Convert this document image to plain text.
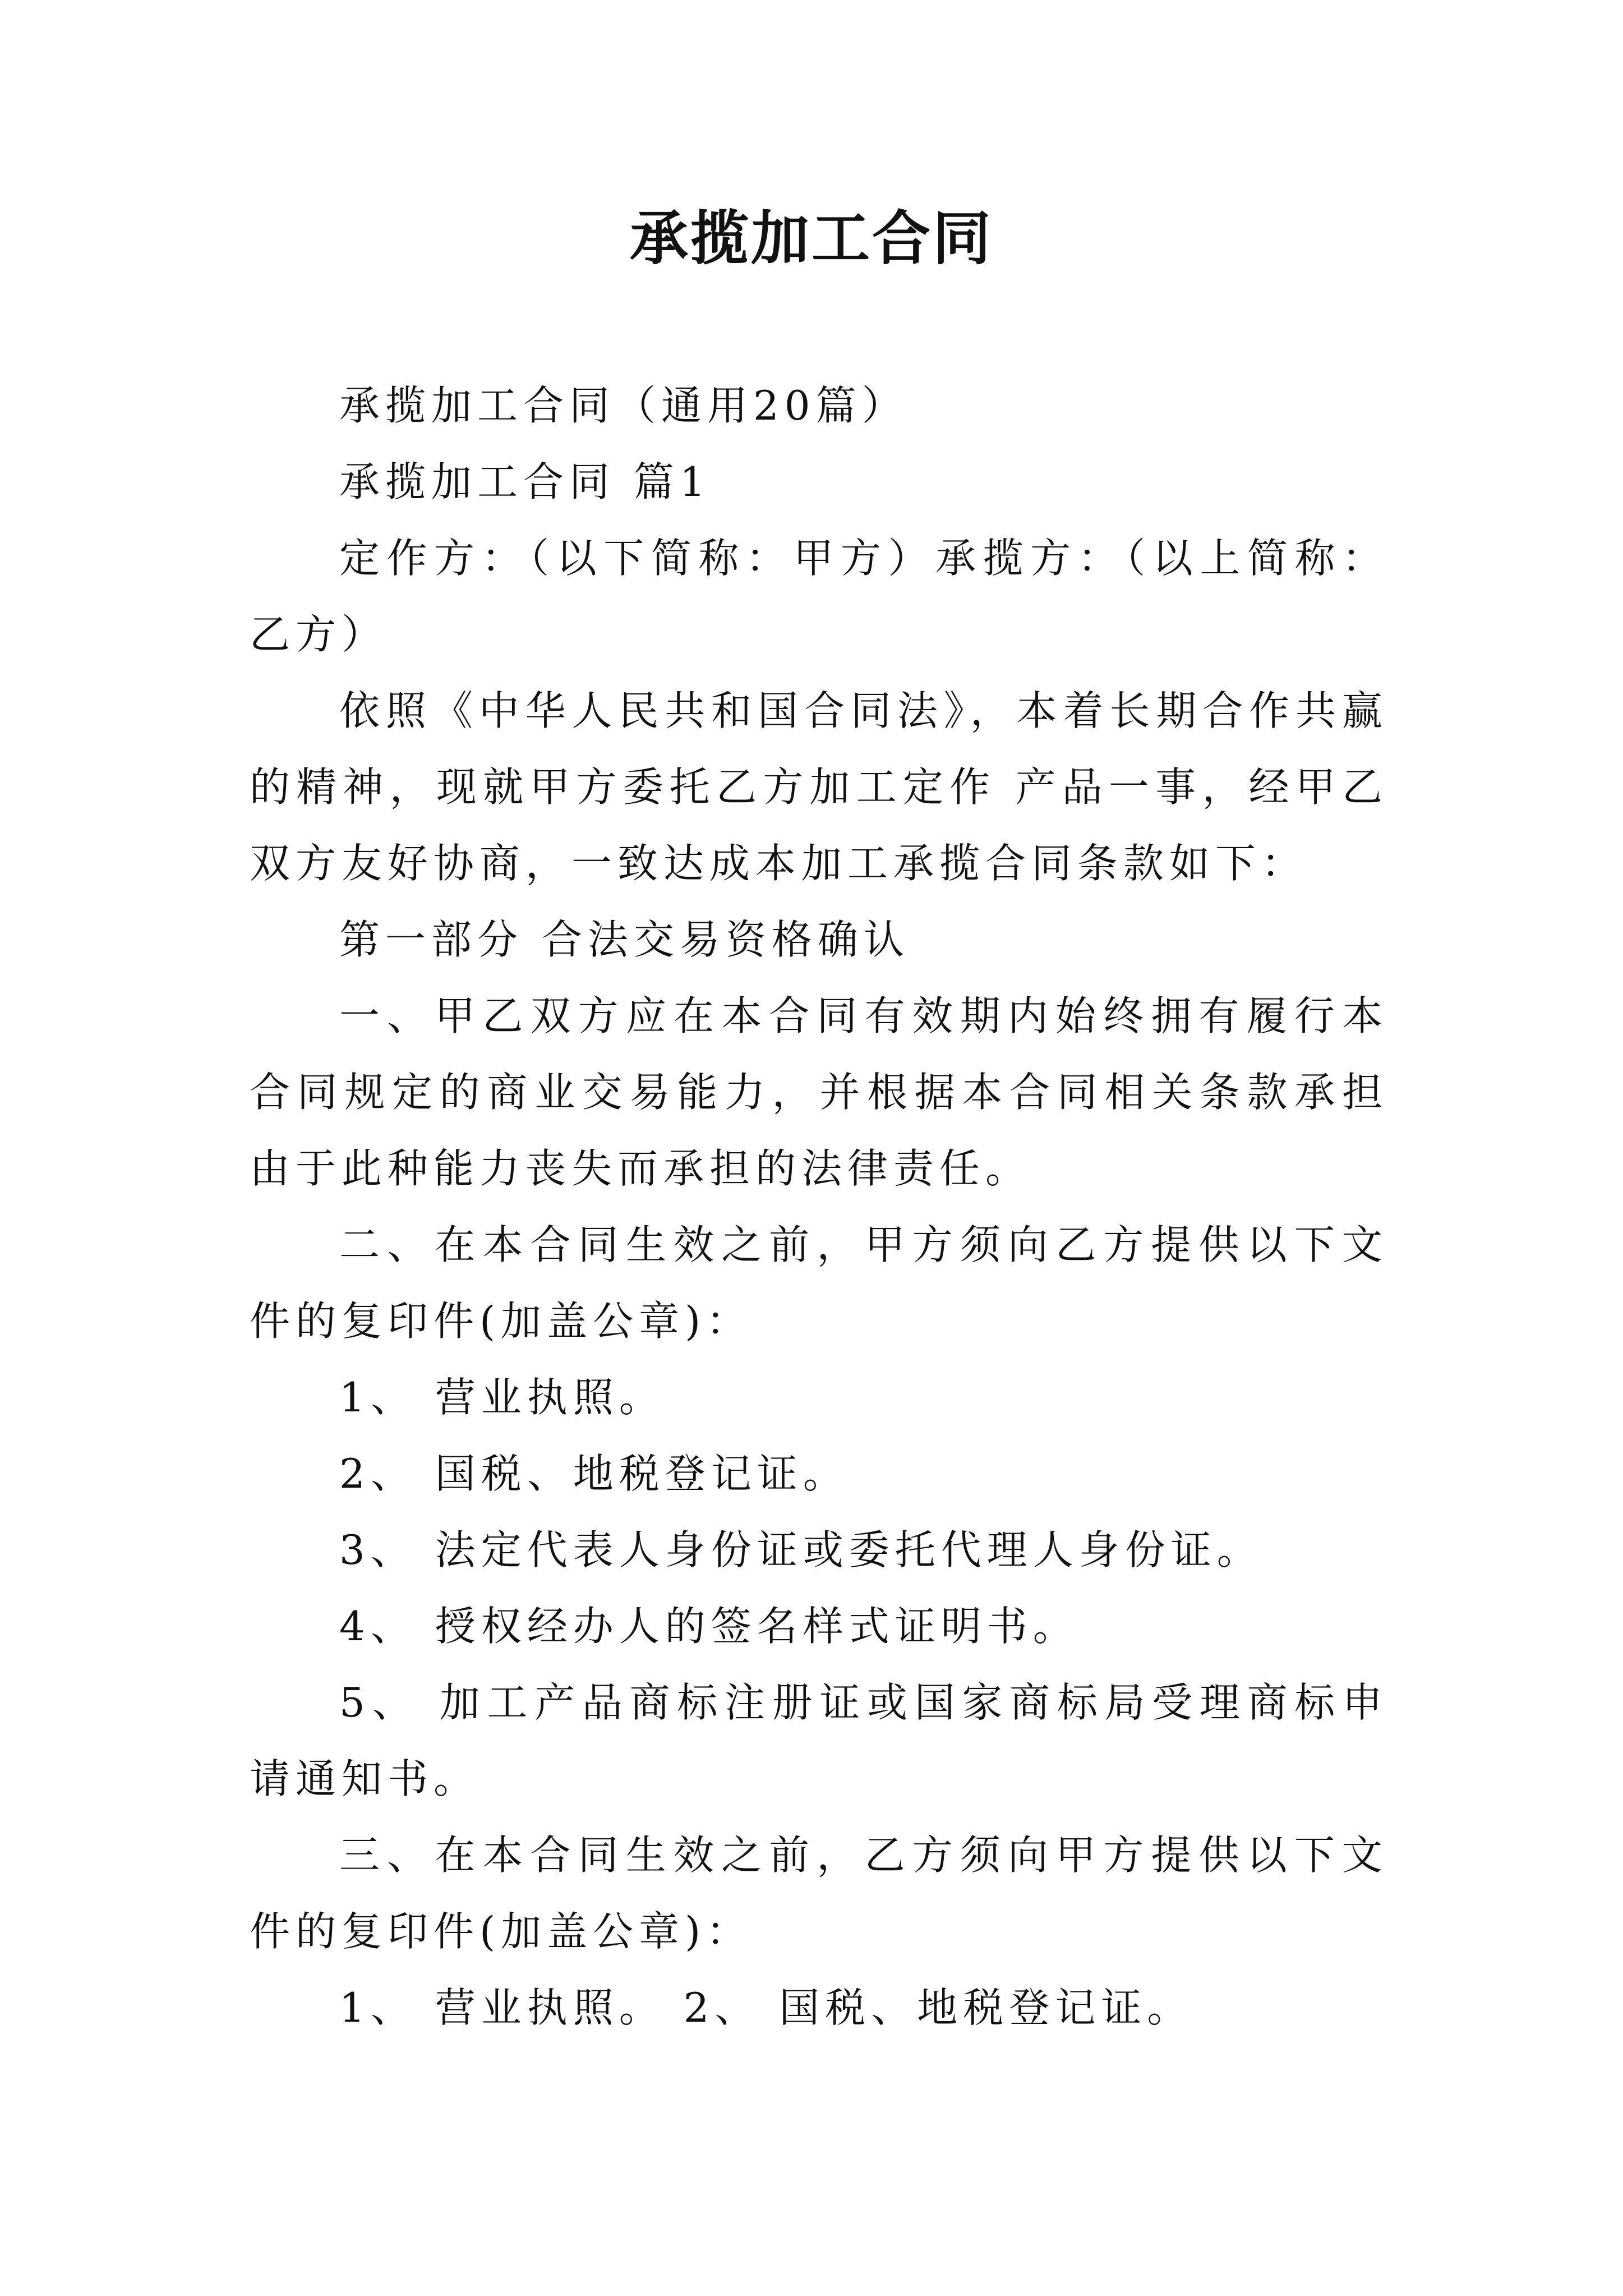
承揽加工合同

承揽加工合同（通用20篇）

承揽加工合同 篇1

定作方：（以下简称：甲方）承揽方：（以上简称：乙方）

依照《中华人民共和国合同法》，本着长期合作共赢的精神，现就甲方委托乙方加工定作 产品一事，经甲乙双方友好协商，一致达成本加工承揽合同条款如下：

第一部分 合法交易资格确认

一、甲乙双方应在本合同有效期内始终拥有履行本合同规定的商业交易能力，并根据本合同相关条款承担由于此种能力丧失而承担的法律责任。

二、在本合同生效之前，甲方须向乙方提供以下文件的复印件(加盖公章)：

1、 营业执照。

2、 国税、地税登记证。

3、 法定代表人身份证或委托代理人身份证。

4、 授权经办人的签名样式证明书。

5、 加工产品商标注册证或国家商标局受理商标申请通知书。

三、在本合同生效之前，乙方须向甲方提供以下文件的复印件(加盖公章)：

1、 营业执照。 2、 国税、地税登记证。
